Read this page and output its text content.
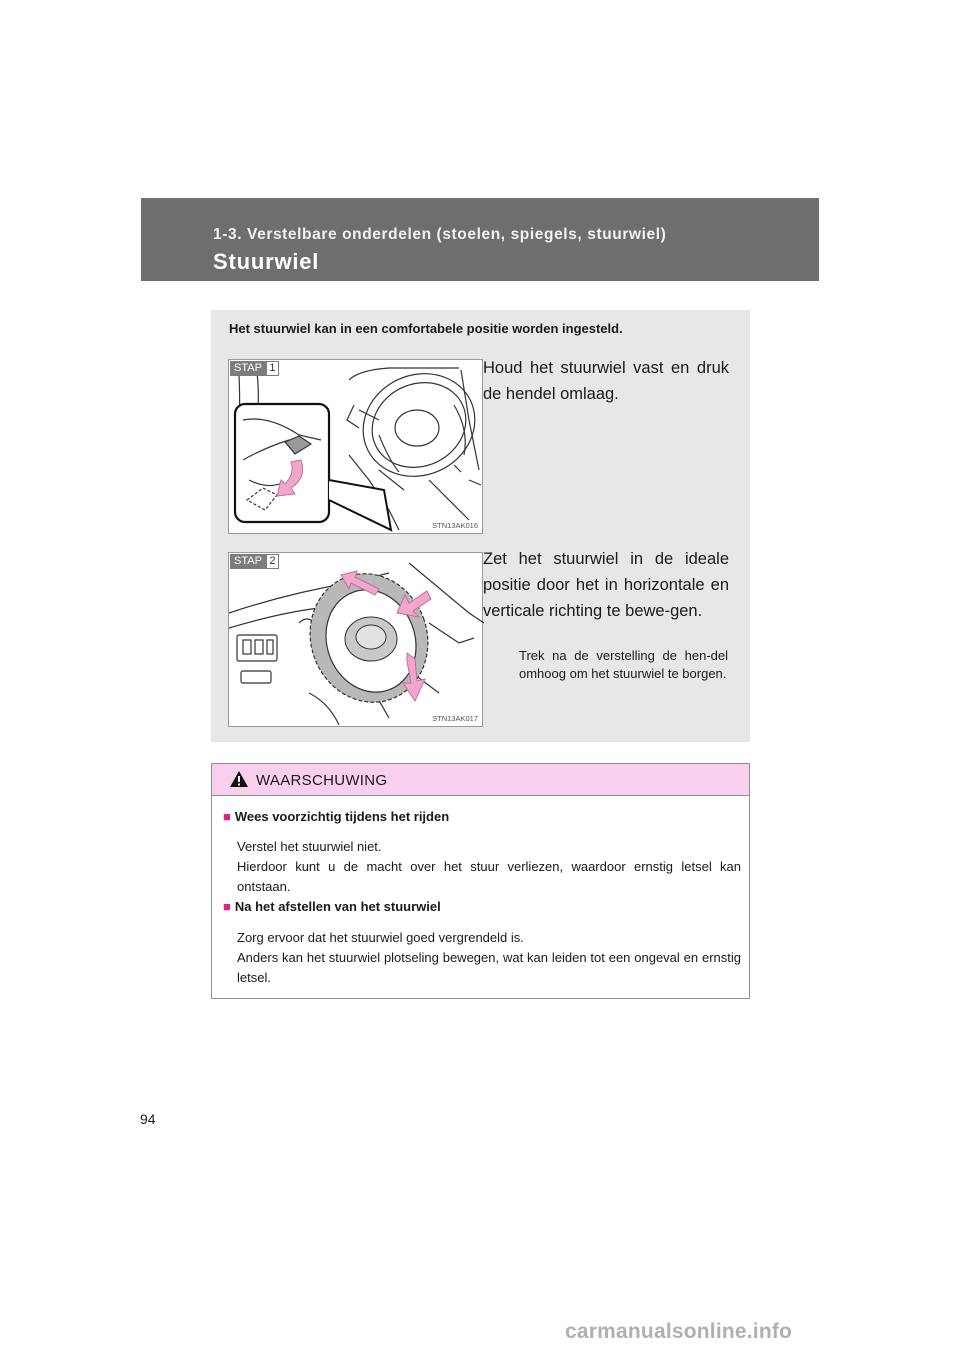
1-3. Verstelbare onderdelen (stoelen, spiegels, stuurwiel)
Stuurwiel
Het stuurwiel kan in een comfortabele positie worden ingesteld.
STAP 1
STN13AK016
Houd het stuurwiel vast en druk de hendel omlaag.
STAP 2
STN13AK017
Zet het stuurwiel in de ideale positie door het in horizontale en verticale richting te bewe-gen.
Trek na de verstelling de hen-del omhoog om het stuurwiel te borgen.
WAARSCHUWING
■ Wees voorzichtig tijdens het rijden
Verstel het stuurwiel niet.
Hierdoor kunt u de macht over het stuur verliezen, waardoor ernstig letsel kan ontstaan.
■ Na het afstellen van het stuurwiel
Zorg ervoor dat het stuurwiel goed vergrendeld is.
Anders kan het stuurwiel plotseling bewegen, wat kan leiden tot een ongeval en ernstig letsel.
94
carmanualsonline.info
